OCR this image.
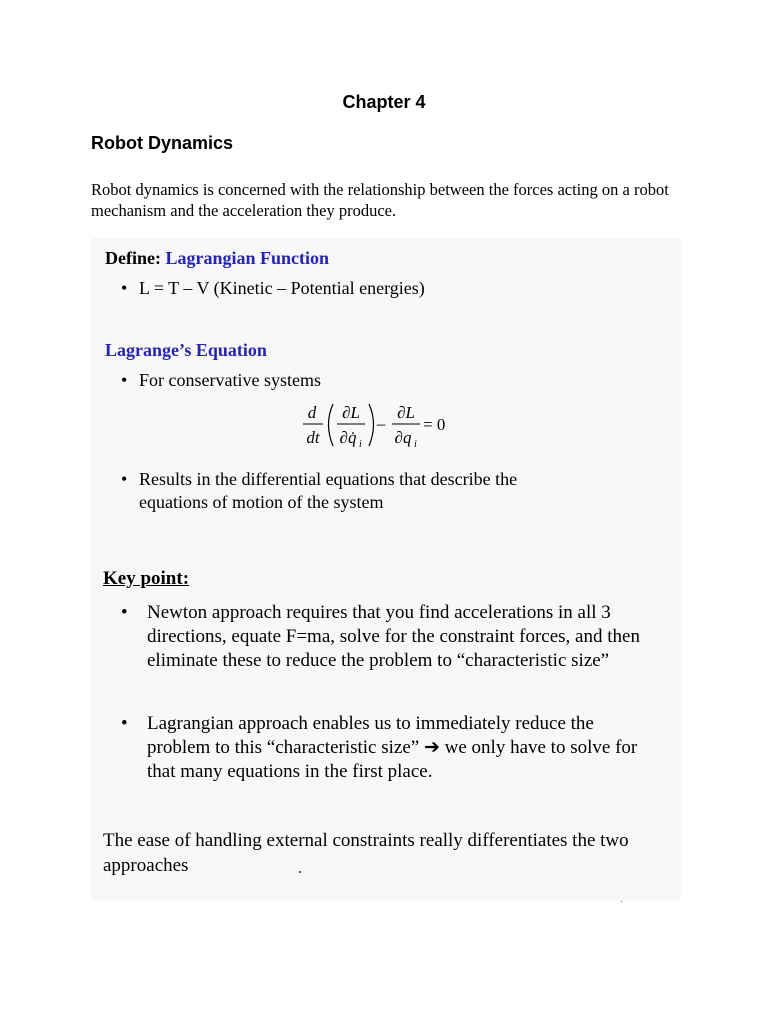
Chapter 4
Robot Dynamics

Robot dynamics is concerned with the relationship between the forces acting on a robot mechanism and the acceleration they produce.

Define: Lagrangian Function
• L = T – V (Kinetic – Potential energies)
Lagrange’s Equation
• For conservative systems
d
dt
∂L
∂q̇ i
–
∂L
∂q i
= 0
• Results in the differential equations that describe the
equations of motion of the system
Key point:
•	Newton approach requires that you find accelerations in all 3 directions, equate F=ma, solve for the constraint forces, and then eliminate these to reduce the problem to “characteristic size”
•	Lagrangian approach enables us to immediately reduce the problem to this “characteristic size” ➔ we only have to solve for that many equations in the first place.
The ease of handling external constraints really differentiates the two approaches
